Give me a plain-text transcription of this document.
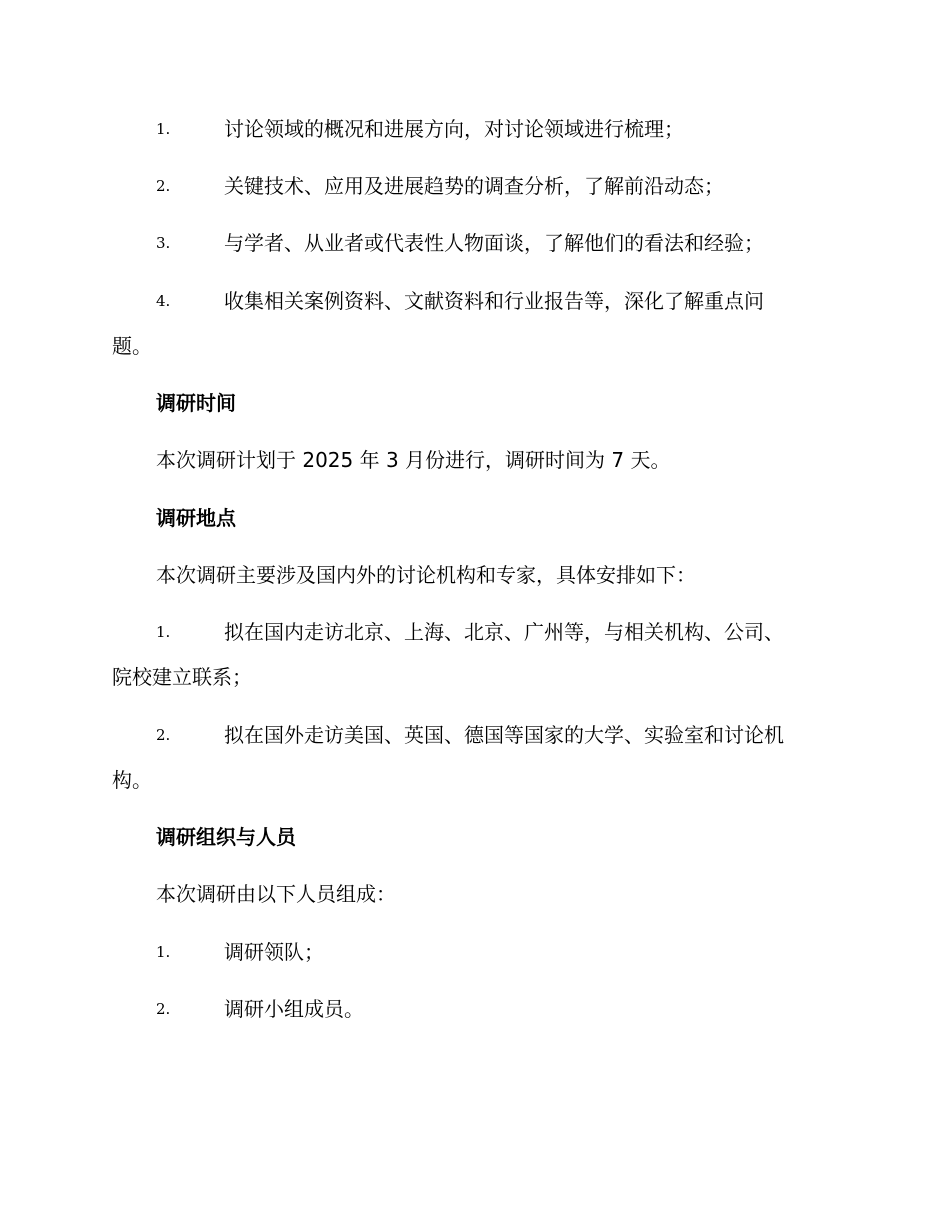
1.	讨论领域的概况和进展方向，对讨论领域进行梳理；
2.	关键技术、应用及进展趋势的调查分析，了解前沿动态；
3.	与学者、从业者或代表性人物面谈，了解他们的看法和经验；
4.	收集相关案例资料、文献资料和行业报告等，深化了解重点问
题。
调研时间
本次调研计划于 2025 年 3 月份进行，调研时间为 7 天。
调研地点
本次调研主要涉及国内外的讨论机构和专家，具体安排如下：
1.	拟在国内走访北京、上海、北京、广州等，与相关机构、公司、
院校建立联系；
2.	拟在国外走访美国、英国、德国等国家的大学、实验室和讨论机
构。
调研组织与人员
本次调研由以下人员组成：
1.	调研领队；
2.	调研小组成员。
